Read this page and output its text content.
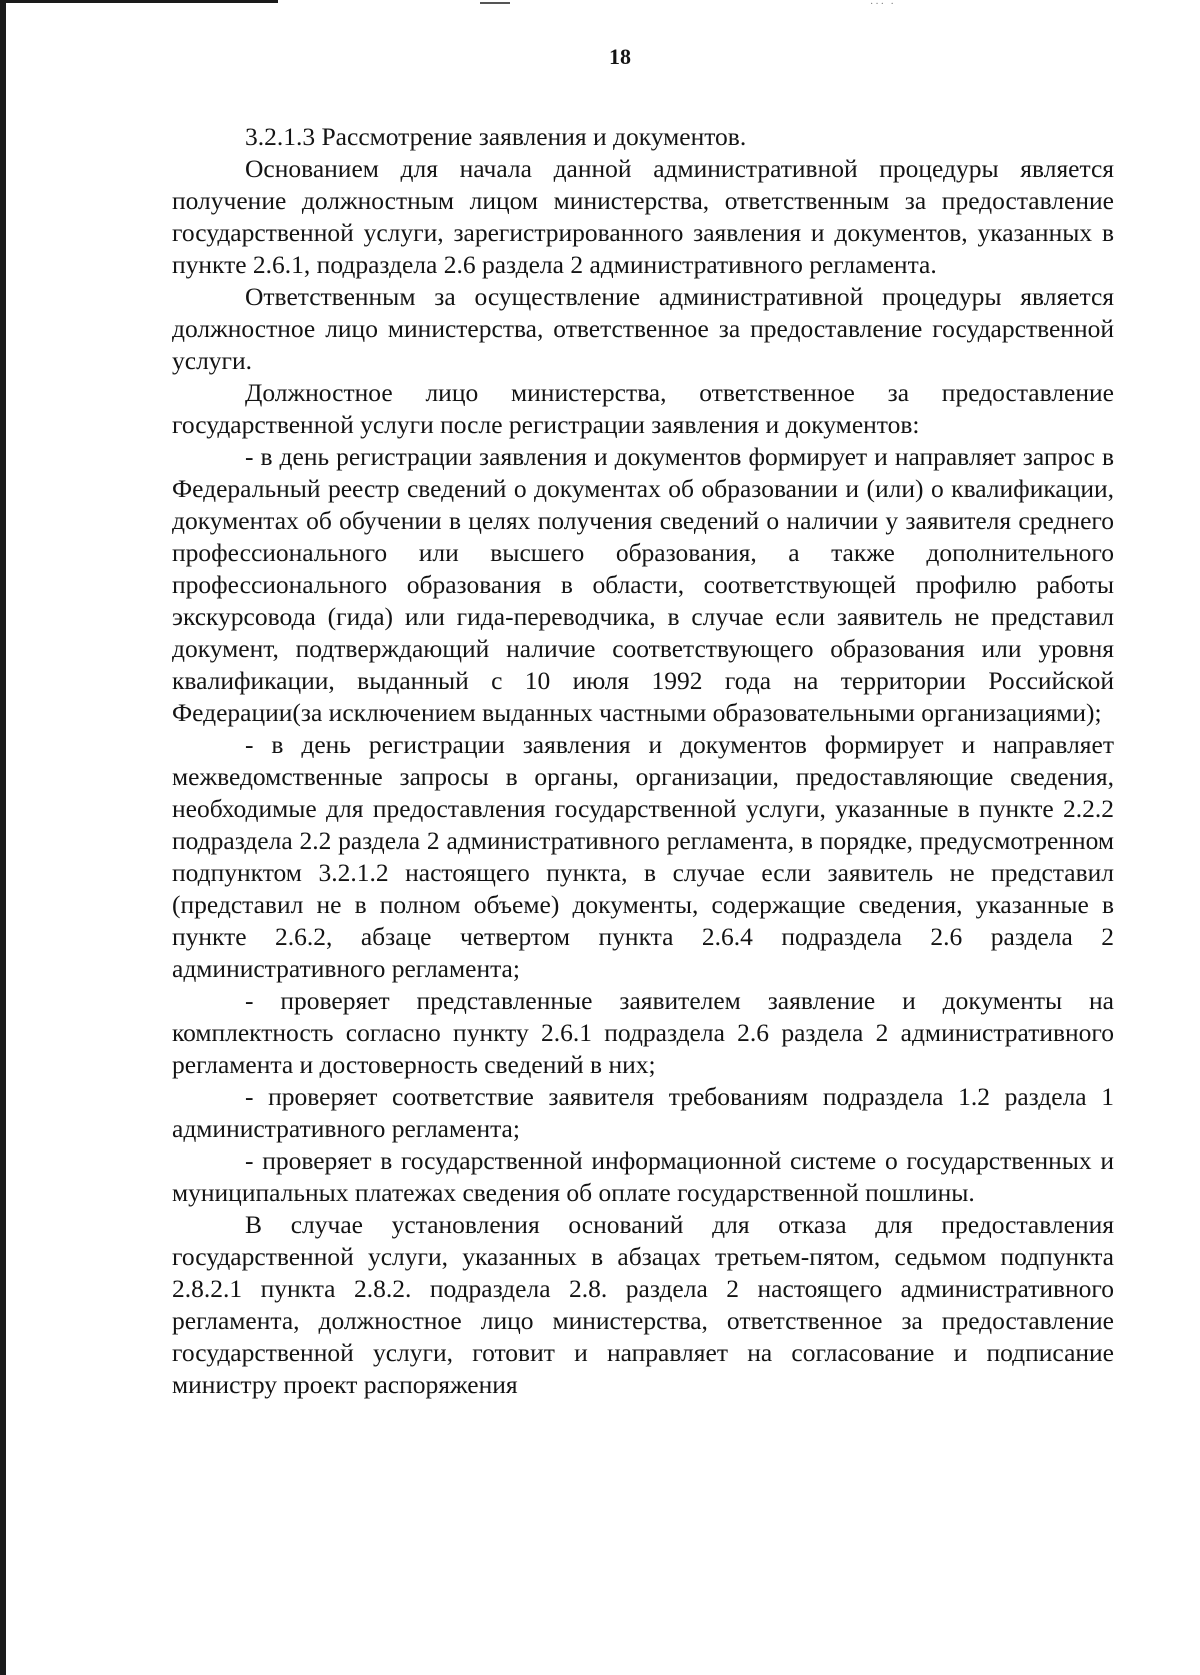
··· ·
18

3.2.1.3 Рассмотрение заявления и документов.

Основанием для начала данной административной процедуры является получение должностным лицом министерства, ответственным за предоставление государственной услуги, зарегистрированного заявления и документов, указанных в пункте 2.6.1, подраздела 2.6 раздела 2 административного регламента.

Ответственным за осуществление административной процедуры является должностное лицо министерства, ответственное за предоставление государственной услуги.

Должностное лицо министерства, ответственное за предоставление государственной услуги после регистрации заявления и документов:

- в день регистрации заявления и документов формирует и направляет запрос в Федеральный реестр сведений о документах об образовании и (или) о квалификации, документах об обучении в целях получения сведений о наличии у заявителя среднего профессионального или высшего образования, а также дополнительного профессионального образования в области, соответствующей профилю работы экскурсовода (гида) или гида-переводчика, в случае если заявитель не представил документ, подтверждающий наличие соответствующего образования или уровня квалификации, выданный с 10 июля 1992 года на территории Российской Федерации(за исключением выданных частными образовательными организациями);

- в день регистрации заявления и документов формирует и направляет межведомственные запросы в органы, организации, предоставляющие сведения, необходимые для предоставления государственной услуги, указанные в пункте 2.2.2 подраздела 2.2 раздела 2 административного регламента, в порядке, предусмотренном подпунктом 3.2.1.2 настоящего пункта, в случае если заявитель не представил (представил не в полном объеме) документы, содержащие сведения, указанные в пункте 2.6.2, абзаце четвертом пункта 2.6.4 подраздела 2.6 раздела 2 административного регламента;

- проверяет представленные заявителем заявление и документы на комплектность согласно пункту 2.6.1 подраздела 2.6 раздела 2 административного регламента и достоверность сведений в них;

- проверяет соответствие заявителя требованиям подраздела 1.2 раздела 1 административного регламента;

- проверяет в государственной информационной системе о государственных и муниципальных платежах сведения об оплате государственной пошлины.

В случае установления оснований для отказа для предоставления государственной услуги, указанных в абзацах третьем-пятом, седьмом подпункта 2.8.2.1 пункта 2.8.2. подраздела 2.8. раздела 2 настоящего административного регламента, должностное лицо министерства, ответственное за предоставление государственной услуги, готовит и направляет на согласование и подписание министру проект распоряжения
